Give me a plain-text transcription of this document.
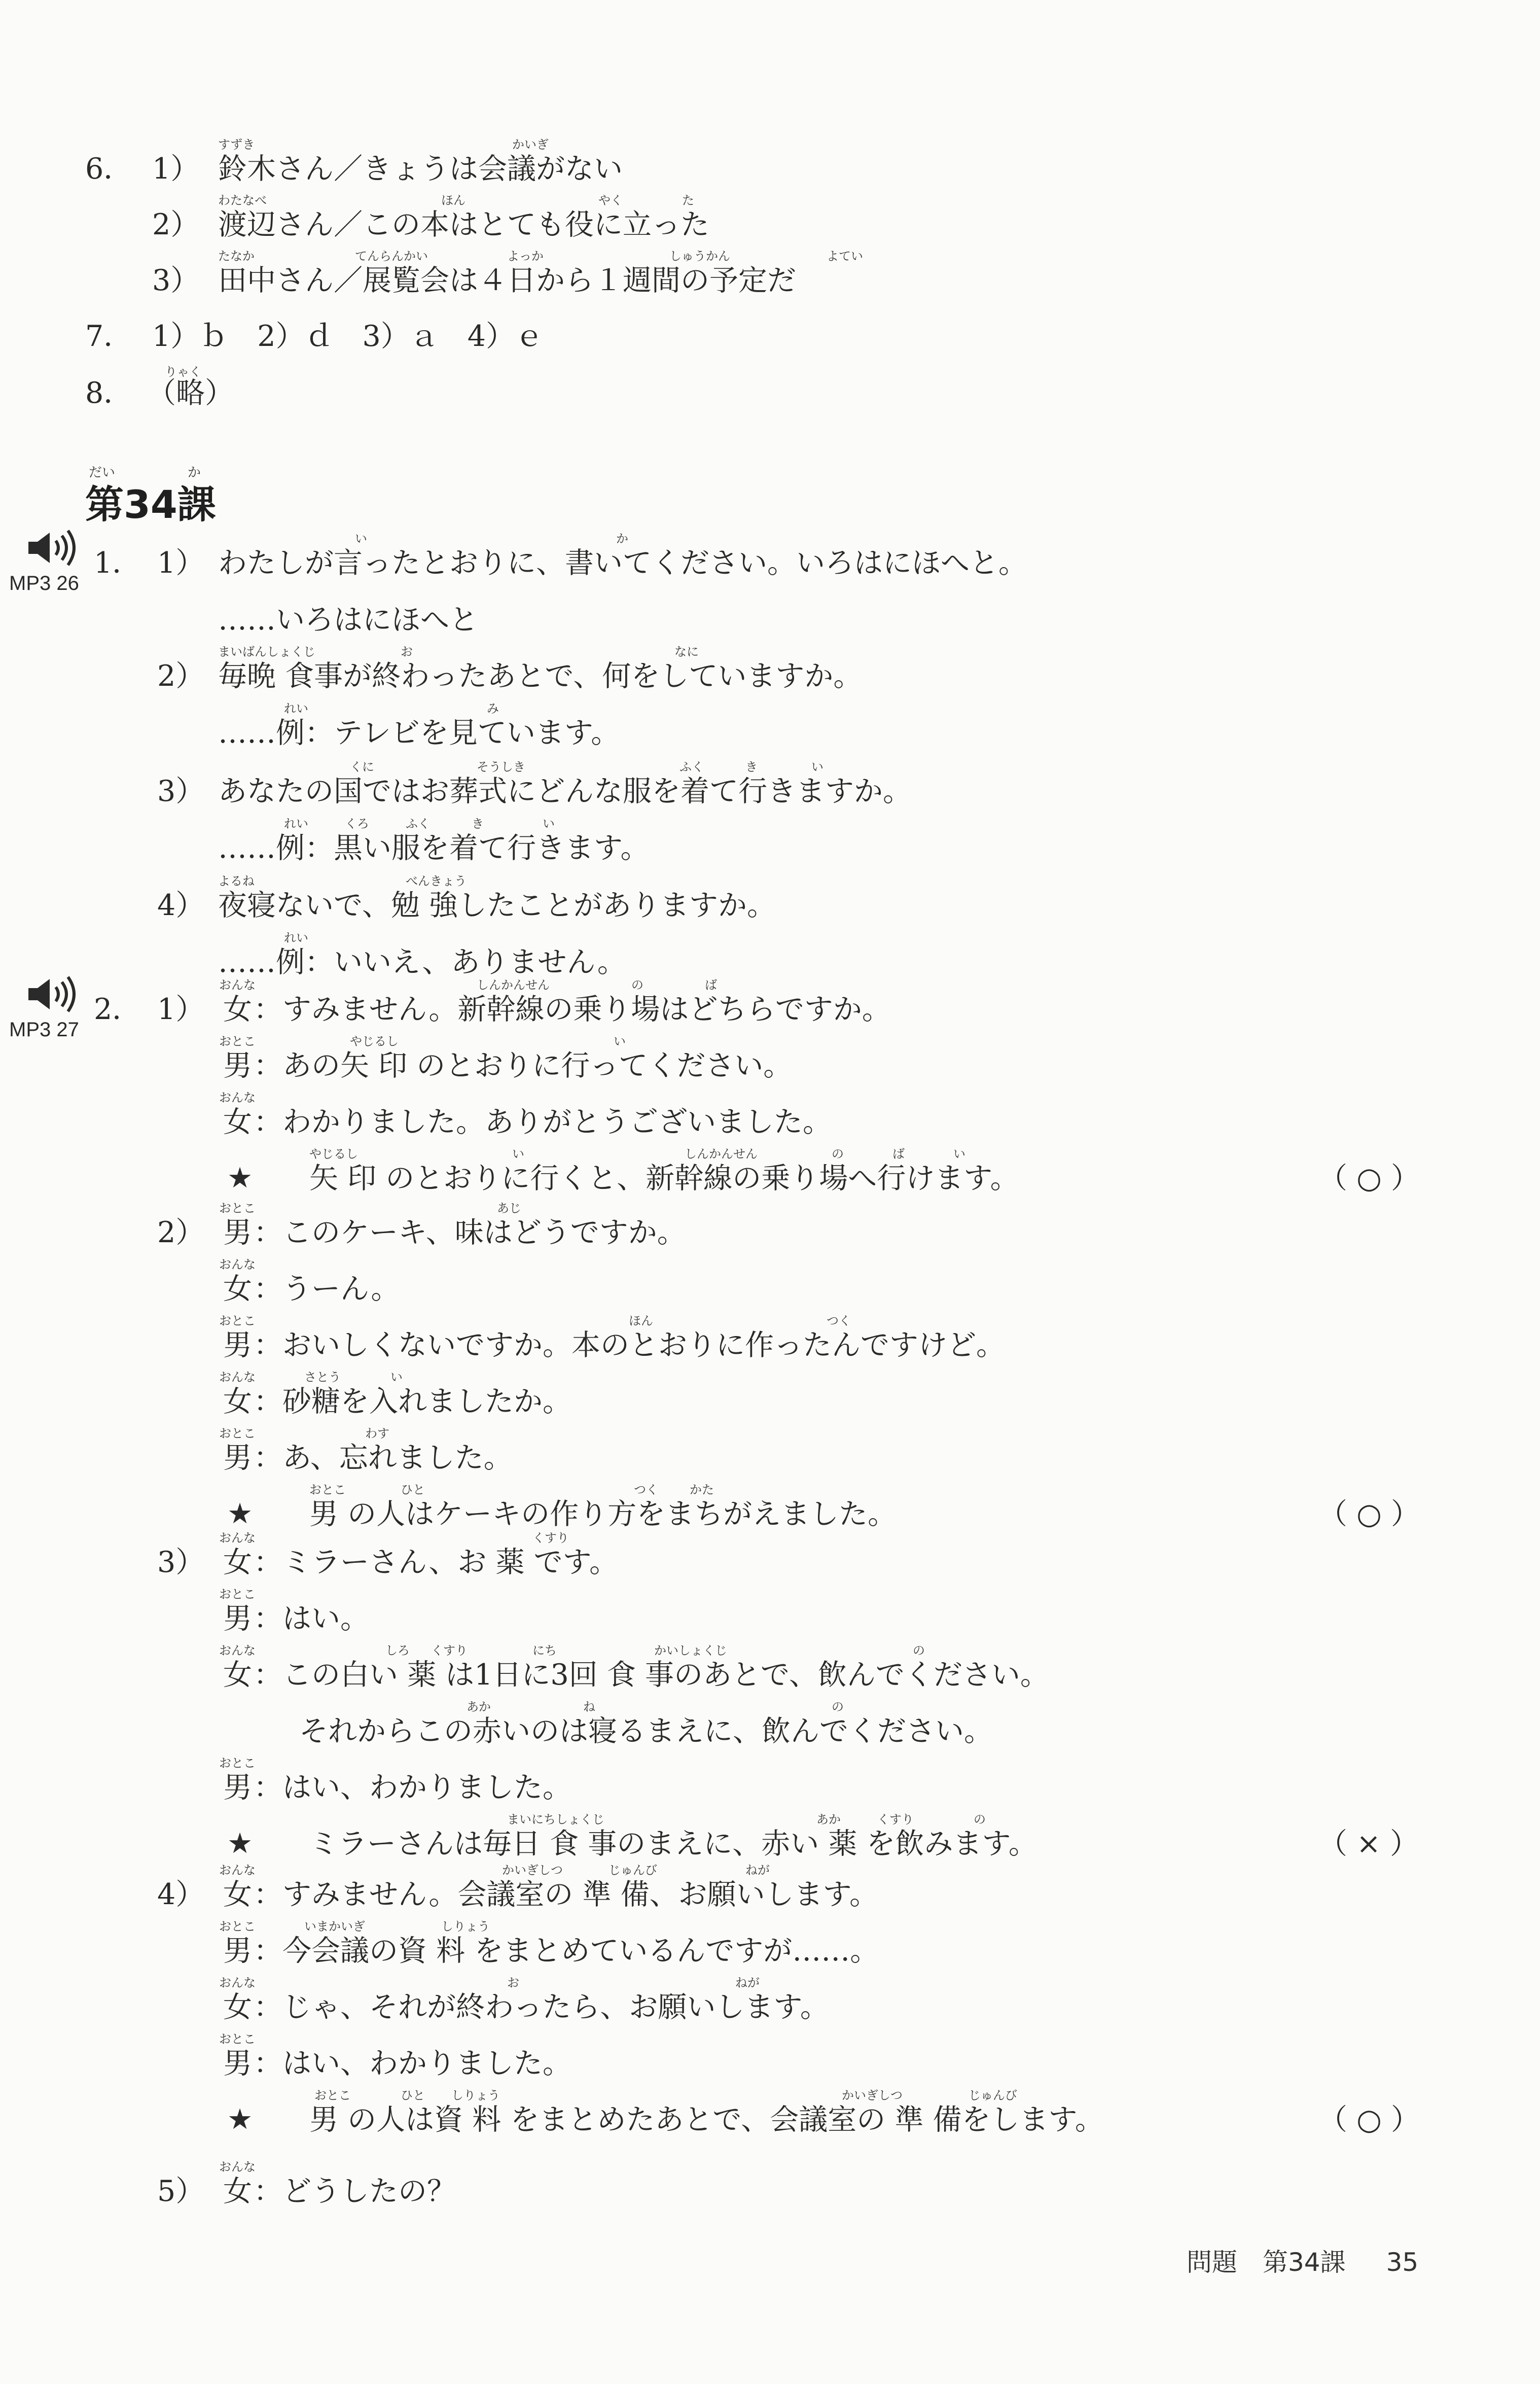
6． 1） 鈴木さん／きょうは会議がない
すずき	かいぎ
2） 渡辺さん／この本はとても役に立った
わたなべ	ほん	やく	た
3） 田中さん／展覧会は４日から１週間の予定だ
たなか	てんらんかい	よっか	しゅうかん	よてい
7． 1）ｂ　2）ｄ　3）ａ　4）ｅ
8．
りゃく
（略）
だい	か
第34課
MP3 26
MP3 27
1． 1） わたしが言ったとおりに、書いてください。いろはにほへと。
い	か
……いろはにほへと
2） 毎晩 食事が終わったあとで、何をしていますか。
まいばんしょくじ	お	なに
……例：テレビを見ています。
れい	み
3） あなたの国ではお葬式にどんな服を着て行きますか。
くに	そうしき	ふく	き	い
……例：黒い服を着て行きます。
れい	くろ	ふく	き	い
4） 夜寝ないで、勉 強したことがありますか。
よるね	べんきょう
……例：いいえ、ありません。
れい
2． 1） 女
おんな
：すみません。新幹線の乗り場はどちらですか。
しんかんせん	の	ば
男
おとこ
：あの矢 印 のとおりに行ってください。
やじるし	い
女
おんな
：わかりました。ありがとうございました。
★ 矢 印 のとおりに行くと、新幹線の乗り場へ行けます。
やじるし	い	しんかんせん	の	ば	い
（ ○ ）
2） 男
おとこ
：このケーキ、味はどうですか。
あじ
女
おんな
：うーん。
男
おとこ
：おいしくないですか。本のとおりに作ったんですけど。
ほん	つく
女
おんな
：砂糖を入れましたか。
さとう	い
男
おとこ
：あ、忘れました。
わす
★ 男 の人はケーキの作り方をまちがえました。
おとこ	ひと	つく	かた
（ ○ ）
3） 女
おんな
：ミラーさん、お 薬 です。
くすり
男
おとこ
：はい。
女
おんな
：この白い 薬 は1日に3回 食 事のあとで、飲んでください。
しろ くすり	にち	かいしょくじ	の
それからこの赤いのは寝るまえに、飲んでください。
あか	ね	の
男
おとこ
：はい、わかりました。
★ ミラーさんは毎日 食 事のまえに、赤い 薬 を飲みます。
まいにちしょくじ	あか	くすり	の
（ × ）
4） 女
おんな
：すみません。会議室の 準 備、お願いします。
かいぎしつ	じゅんび	ねが
男
おとこ
：今会議の資 料 をまとめているんですが……。
いまかいぎ	しりょう
女
おんな
：じゃ、それが終わったら、お願いします。
お	ねが
男
おとこ
：はい、わかりました。
★ 男 の人は資 料 をまとめたあとで、会議室の 準 備をします。
おとこ	ひと しりょう	かいぎしつ	じゅんび
（ ○ ）
5） 女
おんな
：どうしたの？
問題　第34課 35
